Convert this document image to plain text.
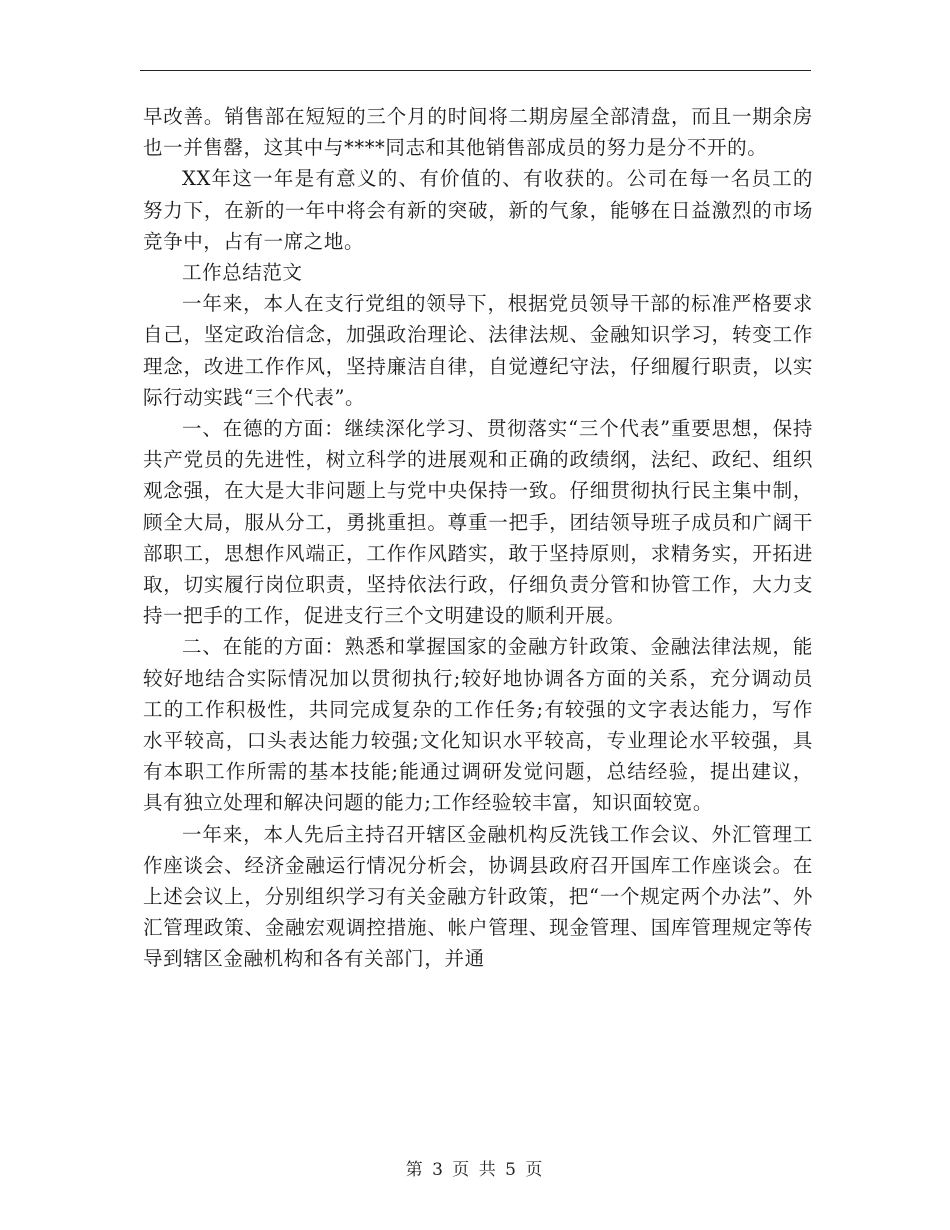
早改善。销售部在短短的三个月的时间将二期房屋全部清盘，而且一期余房也一并售罄，这其中与****同志和其他销售部成员的努力是分不开的。

XX年这一年是有意义的、有价值的、有收获的。公司在每一名员工的努力下，在新的一年中将会有新的突破，新的气象，能够在日益激烈的市场竞争中，占有一席之地。

工作总结范文

一年来，本人在支行党组的领导下，根据党员领导干部的标准严格要求自己，坚定政治信念，加强政治理论、法律法规、金融知识学习，转变工作理念，改进工作作风，坚持廉洁自律，自觉遵纪守法，仔细履行职责，以实际行动实践“三个代表”。

一、在德的方面：继续深化学习、贯彻落实“三个代表”重要思想，保持共产党员的先进性，树立科学的进展观和正确的政绩纲，法纪、政纪、组织观念强，在大是大非问题上与党中央保持一致。仔细贯彻执行民主集中制，顾全大局，服从分工，勇挑重担。尊重一把手，团结领导班子成员和广阔干部职工，思想作风端正，工作作风踏实，敢于坚持原则，求精务实，开拓进取，切实履行岗位职责，坚持依法行政，仔细负责分管和协管工作，大力支持一把手的工作，促进支行三个文明建设的顺利开展。

二、在能的方面：熟悉和掌握国家的金融方针政策、金融法律法规，能较好地结合实际情况加以贯彻执行;较好地协调各方面的关系，充分调动员工的工作积极性，共同完成复杂的工作任务;有较强的文字表达能力，写作水平较高，口头表达能力较强;文化知识水平较高，专业理论水平较强，具有本职工作所需的基本技能;能通过调研发觉问题，总结经验，提出建议，具有独立处理和解决问题的能力;工作经验较丰富，知识面较宽。

一年来，本人先后主持召开辖区金融机构反洗钱工作会议、外汇管理工作座谈会、经济金融运行情况分析会，协调县政府召开国库工作座谈会。在上述会议上，分别组织学习有关金融方针政策，把“一个规定两个办法”、外汇管理政策、金融宏观调控措施、帐户管理、现金管理、国库管理规定等传导到辖区金融机构和各有关部门，并通

第 3 页 共 5 页
